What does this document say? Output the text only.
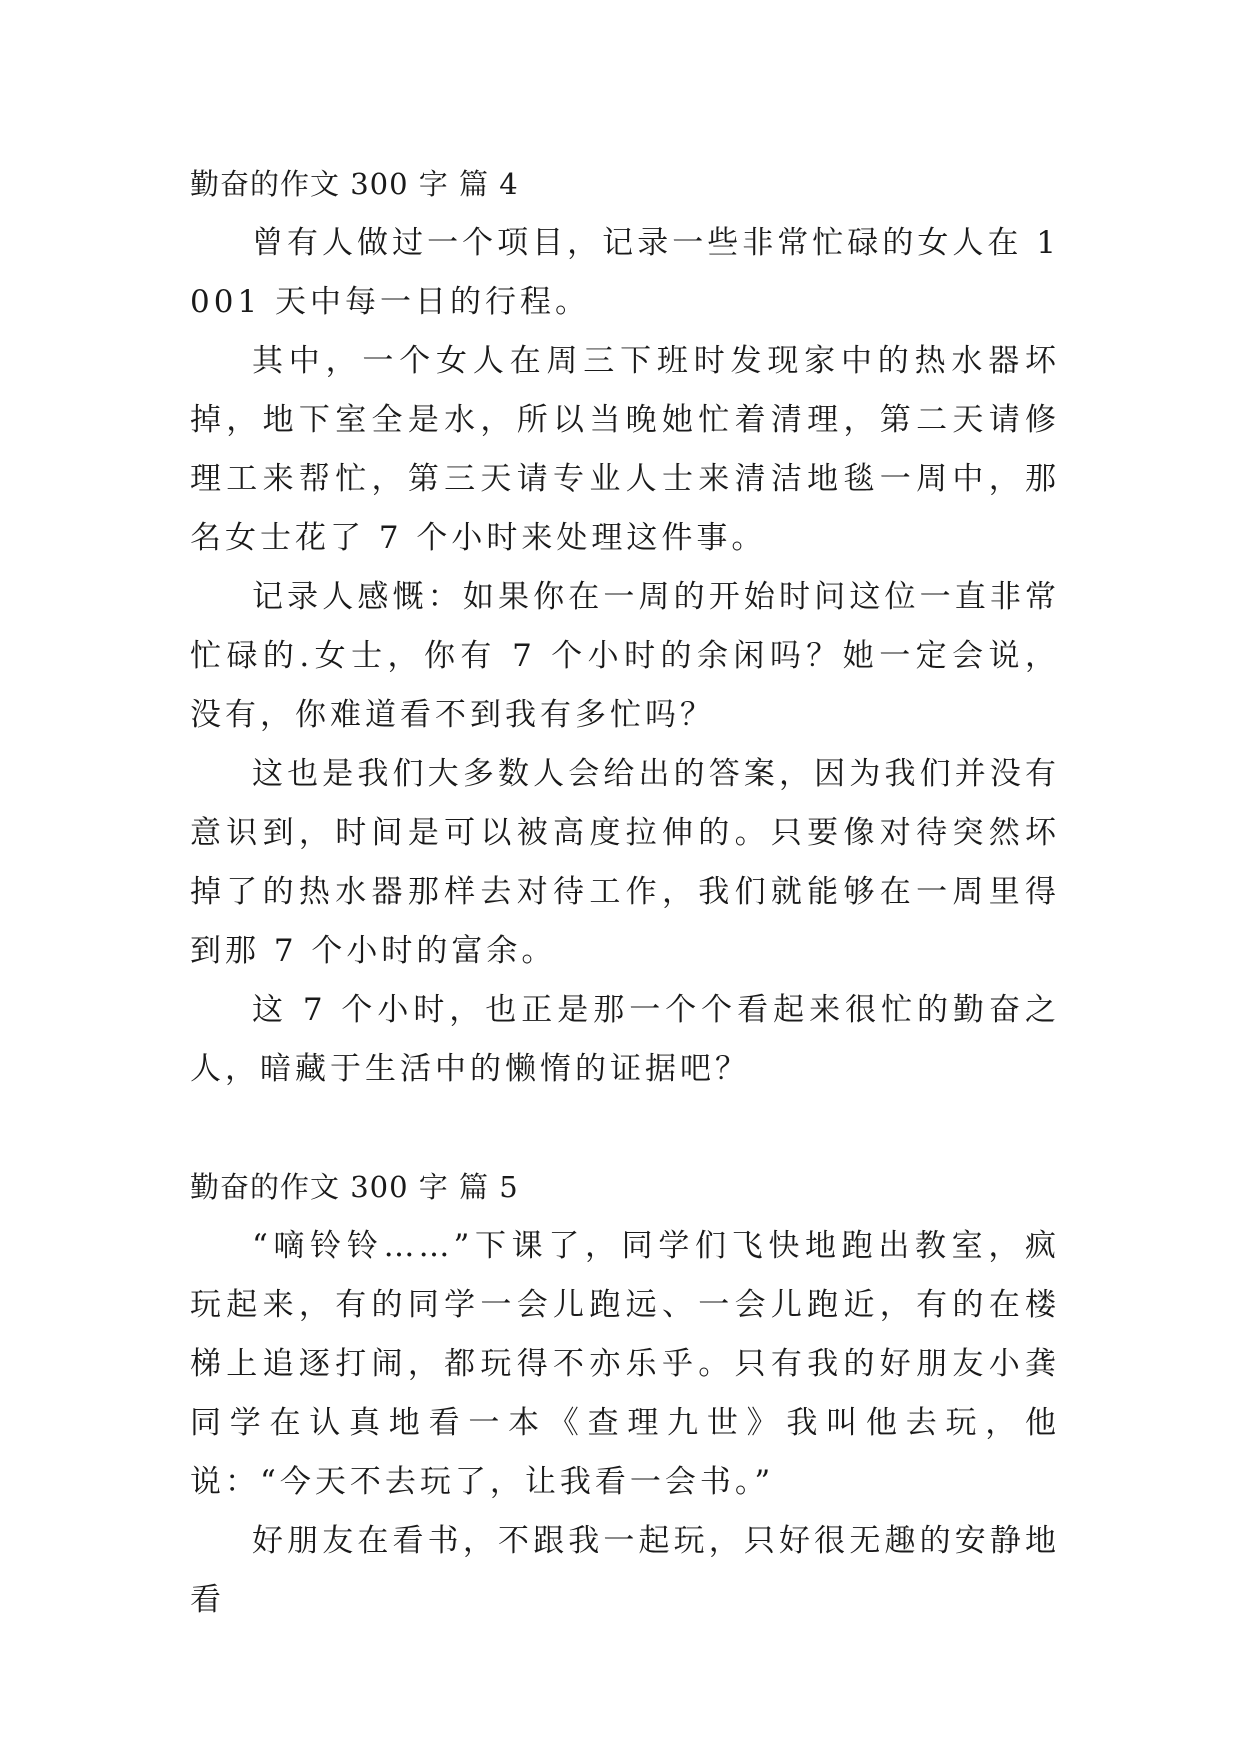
勤奋的作文 300 字 篇 4

曾有人做过一个项目，记录一些非常忙碌的女人在 1001 天中每一日的行程。

其中，一个女人在周三下班时发现家中的热水器坏掉，地下室全是水，所以当晚她忙着清理，第二天请修理工来帮忙，第三天请专业人士来清洁地毯一周中，那名女士花了 7 个小时来处理这件事。

记录人感慨：如果你在一周的开始时问这位一直非常忙碌的.女士，你有 7 个小时的余闲吗？她一定会说，没有，你难道看不到我有多忙吗？

这也是我们大多数人会给出的答案，因为我们并没有意识到，时间是可以被高度拉伸的。只要像对待突然坏掉了的热水器那样去对待工作，我们就能够在一周里得到那 7 个小时的富余。

这 7 个小时，也正是那一个个看起来很忙的勤奋之人，暗藏于生活中的懒惰的证据吧？

勤奋的作文 300 字 篇 5

“嘀铃铃……”下课了，同学们飞快地跑出教室，疯玩起来，有的同学一会儿跑远、一会儿跑近，有的在楼梯上追逐打闹，都玩得不亦乐乎。只有我的好朋友小龚同学在认真地看一本《查理九世》我叫他去玩，他说：“今天不去玩了，让我看一会书。”

好朋友在看书，不跟我一起玩，只好很无趣的安静地看
